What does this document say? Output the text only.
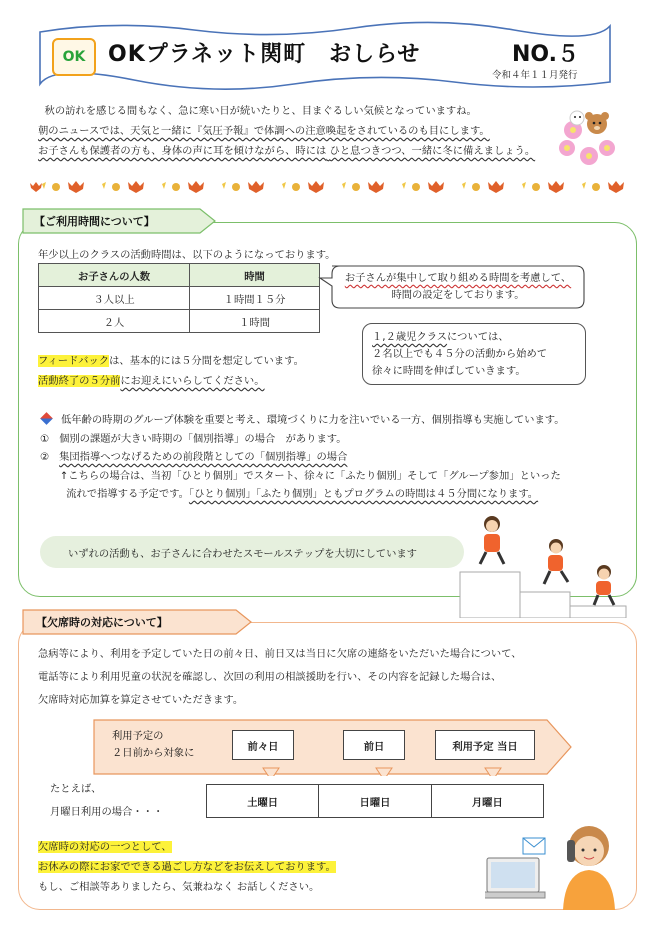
OK OKプラネット関町　おしらせ	NO.５
令和４年１１月発行

秋の訪れを感じる間もなく、急に寒い日が続いたりと、目まぐるしい気候となっていますね。

朝のニュースでは、天気と一緒に『気圧予報』で体調への注意喚起をされているのも目にします。

お子さんも保護者の方も、身体の声に耳を傾けながら、時には ひと息つきつつ、一緒に冬に備えましょう。

【ご利用時間について】
年少以上のクラスの活動時間は、以下のようになっております。
お子さんの人数	時間
３人以上	１時間１５分
２人	１時間
お子さんが集中して取り組める時間を考慮して、
時間の設定をしております。
１,２歳児クラスについては、
２名以上でも４５分の活動から始めて
徐々に時間を伸ばしていきます。
フィードバックは、基本的には５分間を想定しています。
活動終了の５分前にお迎えにいらしてください。
低年齢の時期のグループ体験を重要と考え、環境づくりに力を注いでいる一方、個別指導も実施しています。
① 個別の課題が大きい時期の「個別指導」の場合　があります。
② 集団指導へつなげるための前段階としての「個別指導」の場合
↑こちらの場合は、当初「ひとり個別」でスタート、徐々に「ふたり個別」そして「グループ参加」といった
流れで指導する予定です。「ひとり個別」「ふたり個別」ともプログラムの時間は４５分間になります。
いずれの活動も、お子さんに合わせたスモールステップを大切にしています
【欠席時の対応について】
急病等により、利用を予定していた日の前々日、前日又は当日に欠席の連絡をいただいた場合について、
電話等により利用児童の状況を確認し、次回の利用の相談援助を行い、その内容を記録した場合は、
欠席時対応加算を算定させていただきます。
利用予定の
２日前から対象に
前々日	前日	利用予定 当日
たとえば、
月曜日利用の場合・・・
土曜日	日曜日	月曜日
欠席時の対応の一つとして、
お休みの際にお家でできる過ごし方などをお伝えしております。
もし、ご相談等ありましたら、気兼ねなく お話しください。
